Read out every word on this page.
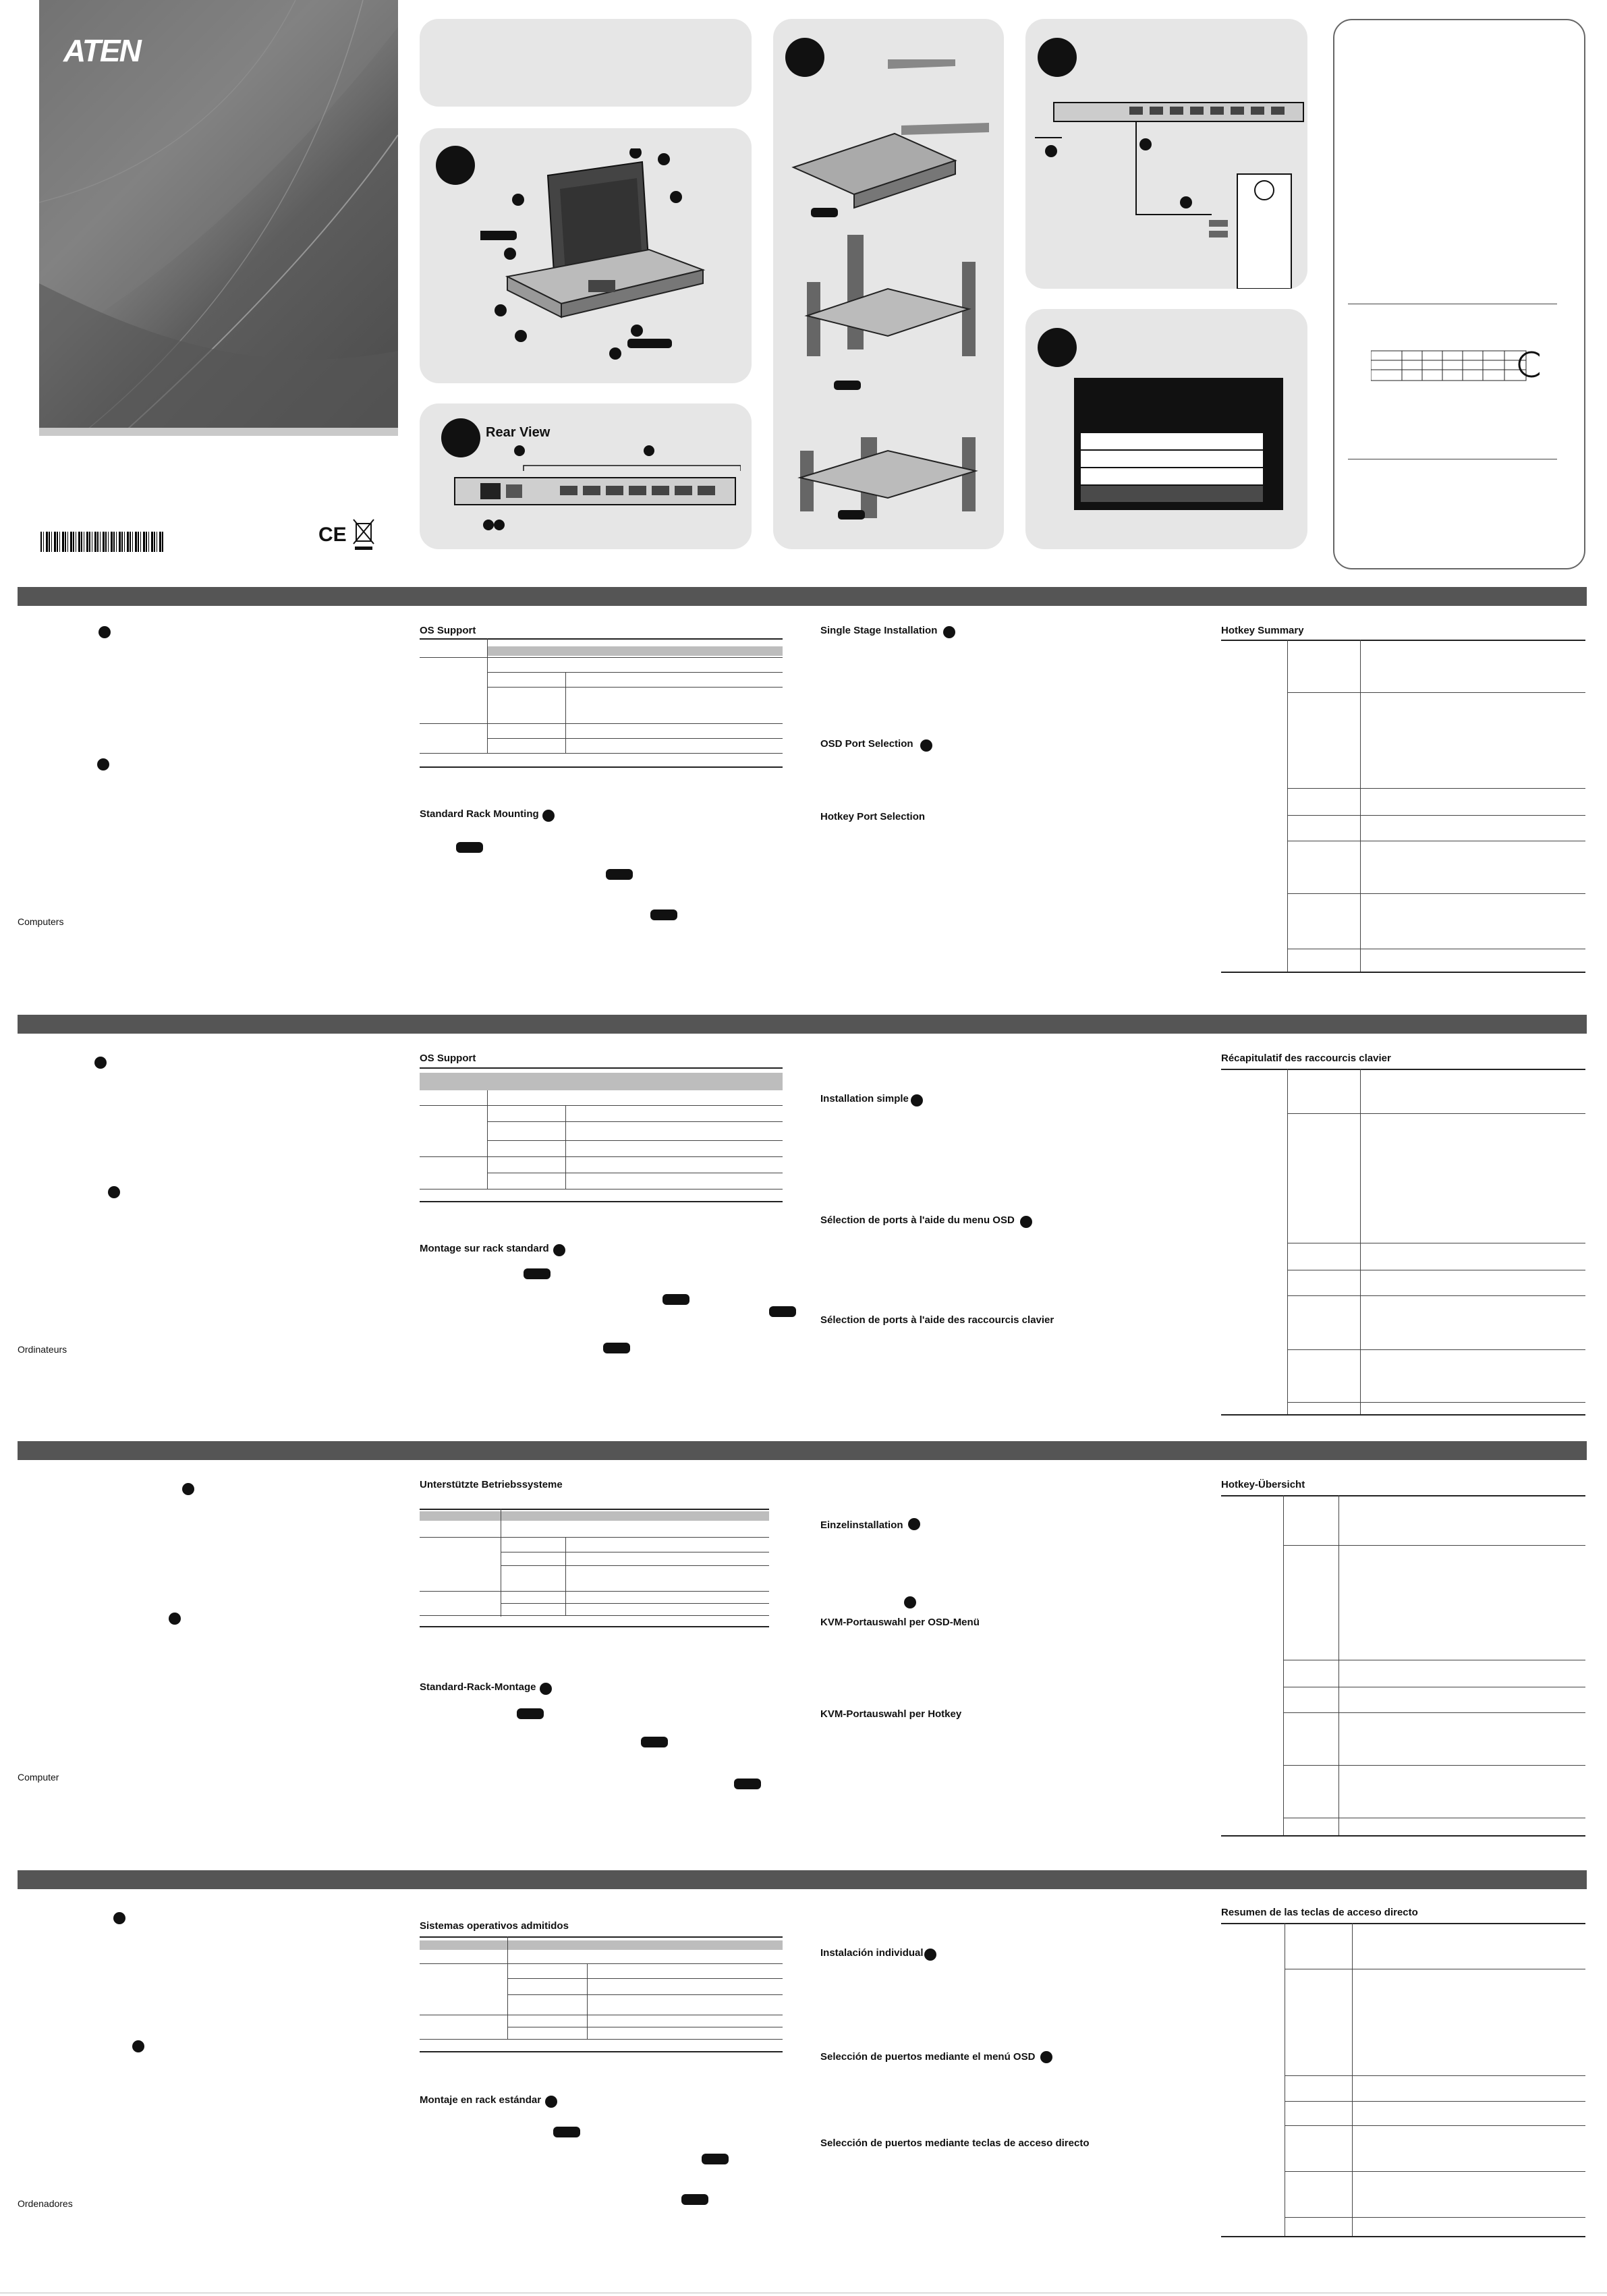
ATEN
CE
Rear View
Computers
OS Support
Standard Rack Mounting
Single Stage Installation
OSD Port Selection
Hotkey Port Selection
Hotkey Summary
Ordinateurs
OS Support
Montage sur rack standard
Installation simple
Sélection de ports à l'aide du menu OSD
Sélection de ports à l'aide des raccourcis clavier
Récapitulatif des raccourcis clavier
Computer
Unterstützte Betriebssysteme
Standard-Rack-Montage
Einzelinstallation
KVM-Portauswahl per OSD-Menü
KVM-Portauswahl per Hotkey
Hotkey-Übersicht
Ordenadores
Sistemas operativos admitidos
Montaje en rack estándar
Instalación individual
Selección de puertos mediante el menú OSD
Selección de puertos mediante teclas de acceso directo
Resumen de las teclas de acceso directo
